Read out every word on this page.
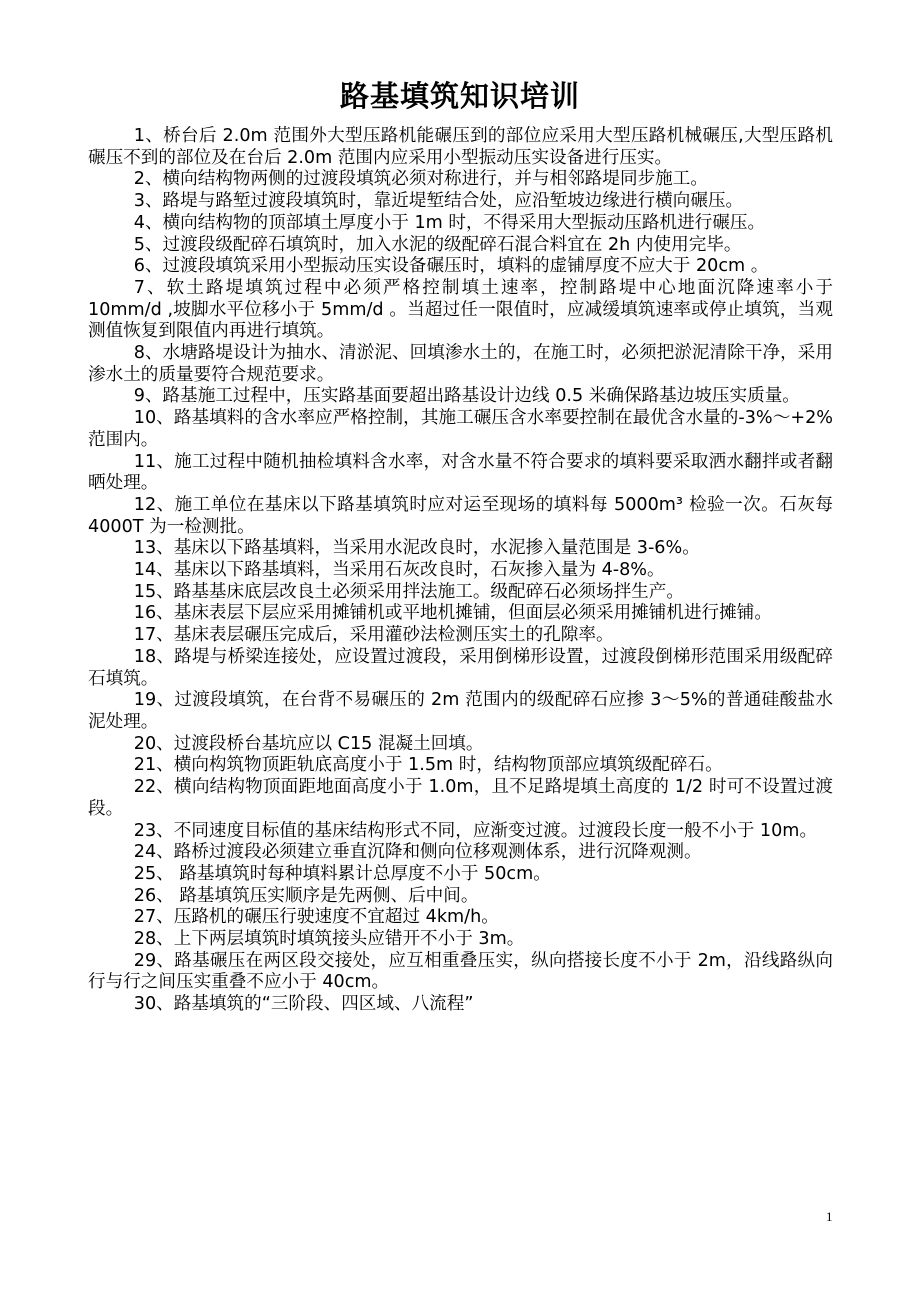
路基填筑知识培训

1、桥台后 2.0m 范围外大型压路机能碾压到的部位应采用大型压路机械碾压,大型压路机碾压不到的部位及在台后 2.0m 范围内应采用小型振动压实设备进行压实。

2、横向结构物两侧的过渡段填筑必须对称进行，并与相邻路堤同步施工。

3、路堤与路堑过渡段填筑时，靠近堤堑结合处，应沿堑坡边缘进行横向碾压。

4、横向结构物的顶部填土厚度小于 1m 时，不得采用大型振动压路机进行碾压。

5、过渡段级配碎石填筑时，加入水泥的级配碎石混合料宜在 2h 内使用完毕。

6、过渡段填筑采用小型振动压实设备碾压时，填料的虚铺厚度不应大于 20cm 。

7、软土路堤填筑过程中必须严格控制填土速率，控制路堤中心地面沉降速率小于 10mm/d ,坡脚水平位移小于 5mm/d 。当超过任一限值时，应减缓填筑速率或停止填筑，当观测值恢复到限值内再进行填筑。

8、水塘路堤设计为抽水、清淤泥、回填渗水土的，在施工时，必须把淤泥清除干净，采用渗水土的质量要符合规范要求。

9、路基施工过程中，压实路基面要超出路基设计边线 0.5 米确保路基边坡压实质量。

10、路基填料的含水率应严格控制，其施工碾压含水率要控制在最优含水量的-3%～+2%范围内。

11、施工过程中随机抽检填料含水率，对含水量不符合要求的填料要采取洒水翻拌或者翻晒处理。

12、施工单位在基床以下路基填筑时应对运至现场的填料每 5000m³ 检验一次。石灰每 4000T 为一检测批。

13、基床以下路基填料，当采用水泥改良时，水泥掺入量范围是 3-6%。

14、基床以下路基填料，当采用石灰改良时，石灰掺入量为 4-8%。

15、路基基床底层改良土必须采用拌法施工。级配碎石必须场拌生产。

16、基床表层下层应采用摊铺机或平地机摊铺，但面层必须采用摊铺机进行摊铺。

17、基床表层碾压完成后，采用灌砂法检测压实土的孔隙率。

18、路堤与桥梁连接处，应设置过渡段，采用倒梯形设置，过渡段倒梯形范围采用级配碎石填筑。

19、过渡段填筑，在台背不易碾压的 2m 范围内的级配碎石应掺 3～5%的普通硅酸盐水泥处理。

20、过渡段桥台基坑应以 C15 混凝土回填。

21、横向构筑物顶距轨底高度小于 1.5m 时，结构物顶部应填筑级配碎石。

22、横向结构物顶面距地面高度小于 1.0m，且不足路堤填土高度的 1/2 时可不设置过渡段。

23、不同速度目标值的基床结构形式不同，应渐变过渡。过渡段长度一般不小于 10m。

24、路桥过渡段必须建立垂直沉降和侧向位移观测体系，进行沉降观测。

25、 路基填筑时每种填料累计总厚度不小于 50cm。

26、 路基填筑压实顺序是先两侧、后中间。

27、压路机的碾压行驶速度不宜超过 4km/h。

28、上下两层填筑时填筑接头应错开不小于 3m。

29、路基碾压在两区段交接处，应互相重叠压实，纵向搭接长度不小于 2m，沿线路纵向行与行之间压实重叠不应小于 40cm。

30、路基填筑的“三阶段、四区域、八流程”

1
